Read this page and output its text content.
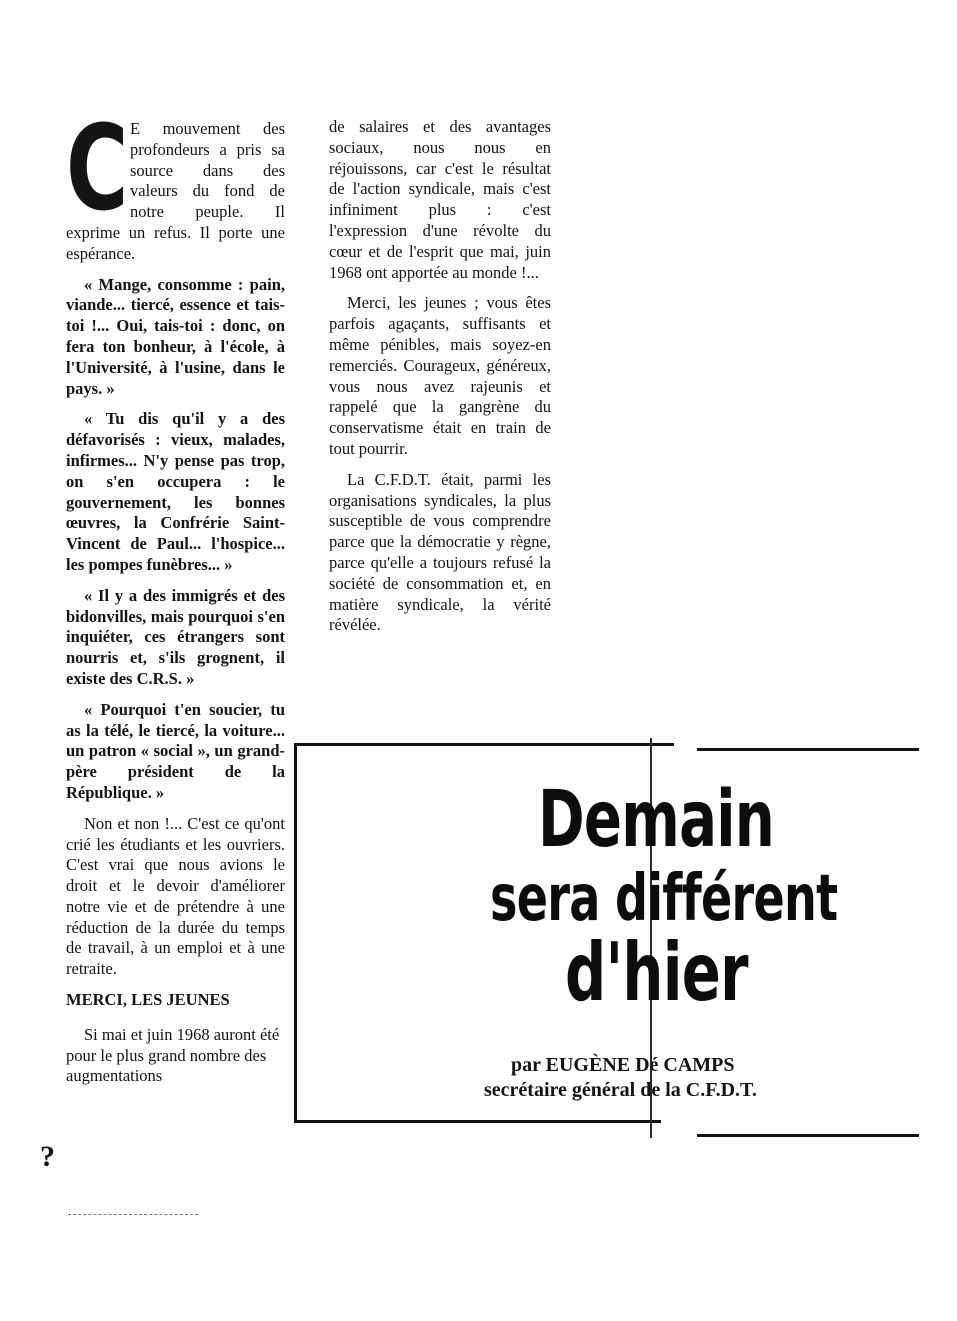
C E mouvement des profondeurs a pris sa source dans des valeurs du fond de notre peuple. Il exprime un refus. Il porte une espérance.

« Mange, consomme : pain, viande... tiercé, essence et tais-toi !... Oui, tais-toi : donc, on fera ton bonheur, à l'école, à l'Université, à l'usine, dans le pays. »

« Tu dis qu'il y a des défavorisés : vieux, malades, infirmes... N'y pense pas trop, on s'en occupera : le gouvernement, les bonnes œuvres, la Confrérie Saint-Vincent de Paul... l'hospice... les pompes funèbres... »

« Il y a des immigrés et des bidonvilles, mais pourquoi s'en inquiéter, ces étrangers sont nourris et, s'ils grognent, il existe des C.R.S. »

« Pourquoi t'en soucier, tu as la télé, le tiercé, la voiture... un patron « social », un grand-père président de la République. »

Non et non !... C'est ce qu'ont crié les étudiants et les ouvriers. C'est vrai que nous avions le droit et le devoir d'améliorer notre vie et de prétendre à une réduction de la durée du temps de travail, à un emploi et à une retraite.

MERCI, LES JEUNES

Si mai et juin 1968 auront été pour le plus grand nombre des augmentations

de salaires et des avantages sociaux, nous nous en réjouissons, car c'est le résultat de l'action syndicale, mais c'est infiniment plus : c'est l'expression d'une révolte du cœur et de l'esprit que mai, juin 1968 ont apportée au monde !...

Merci, les jeunes ; vous êtes parfois agaçants, suffisants et même pénibles, mais soyez-en remerciés. Courageux, généreux, vous nous avez rajeunis et rappelé que la gangrène du conservatisme était en train de tout pourrir.

La C.F.D.T. était, parmi les organisations syndicales, la plus susceptible de vous comprendre parce que la démocratie y règne, parce qu'elle a toujours refusé la société de consommation et, en matière syndicale, la vérité révélée.

?
Demain
sera différent
d'hier
par EUGÈNE Dé CAMPS
secrétaire général de la C.F.D.T.
